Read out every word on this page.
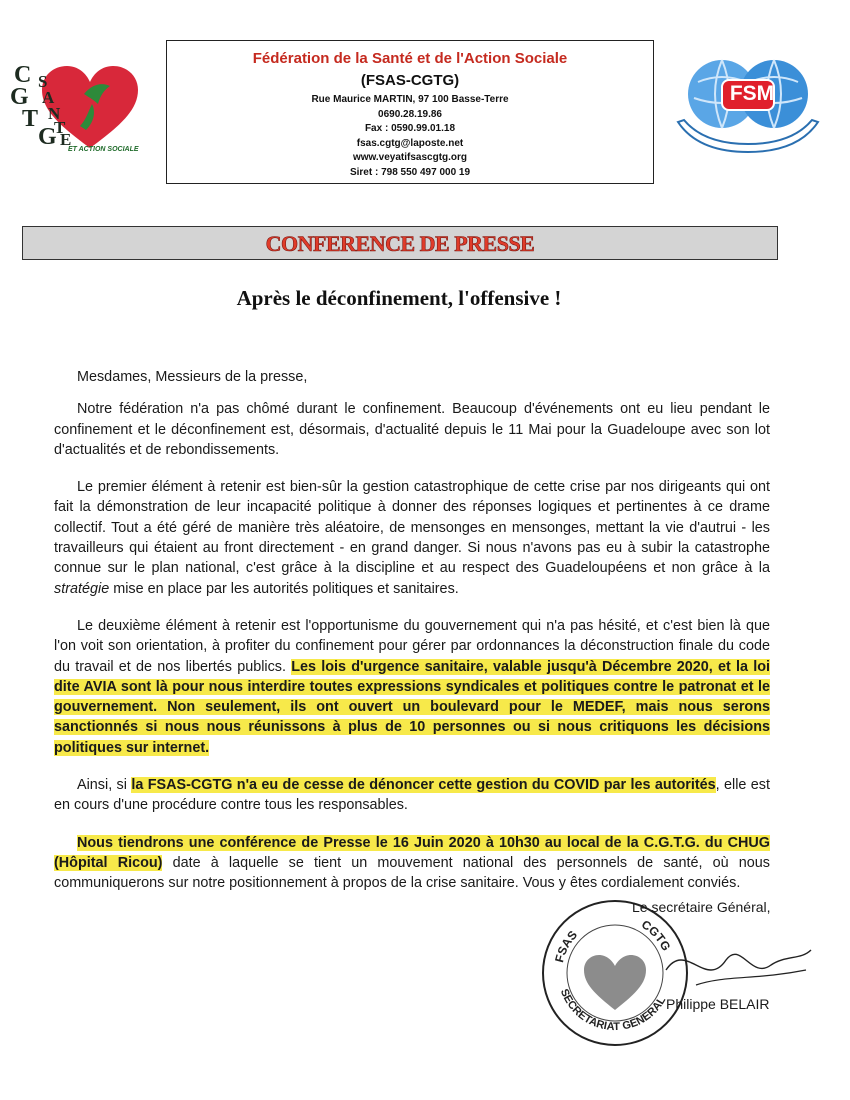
C
G
T
G
S
A
N
T
E
ET ACTION SOCIALE
Fédération de la Santé et de l'Action Sociale
(FSAS-CGTG)
Rue Maurice MARTIN, 97 100 Basse-Terre
0690.28.19.86
Fax : 0590.99.01.18
fsas.cgtg@laposte.net
www.veyatifsascgtg.org
Siret : 798 550 497 000 19
FSM
CONFERENCE DE PRESSE
Après le déconfinement, l'offensive !

Mesdames, Messieurs de la presse,

Notre fédération n'a pas chômé durant le confinement. Beaucoup d'événements ont eu lieu pendant le confinement et le déconfinement est, désormais, d'actualité depuis le 11 Mai pour la Guadeloupe avec son lot d'actualités et de rebondissements.

Le premier élément à retenir est bien-sûr la gestion catastrophique de cette crise par nos dirigeants qui ont fait la démonstration de leur incapacité politique à donner des réponses logiques et pertinentes à ce drame collectif. Tout a été géré de manière très aléatoire, de mensonges en mensonges, mettant la vie d'autrui - les travailleurs qui étaient au front directement - en grand danger. Si nous n'avons pas eu à subir la catastrophe connue sur le plan national, c'est grâce à la discipline et au respect des Guadeloupéens et non grâce à la stratégie mise en place par les autorités politiques et sanitaires.

Le deuxième élément à retenir est l'opportunisme du gouvernement qui n'a pas hésité, et c'est bien là que l'on voit son orientation, à profiter du confinement pour gérer par ordonnances la déconstruction finale du code du travail et de nos libertés publics. Les lois d'urgence sanitaire, valable jusqu'à Décembre 2020, et la loi dite AVIA sont là pour nous interdire toutes expressions syndicales et politiques contre le patronat et le gouvernement. Non seulement, ils ont ouvert un boulevard pour le MEDEF, mais nous serons sanctionnés si nous nous réunissons à plus de 10 personnes ou si nous critiquons les décisions politiques sur internet.

Ainsi, si la FSAS-CGTG n'a eu de cesse de dénoncer cette gestion du COVID par les autorités, elle est en cours d'une procédure contre tous les responsables.

Nous tiendrons une conférence de Presse le 16 Juin 2020 à 10h30 au local de la C.G.T.G. du CHUG (Hôpital Ricou) date à laquelle se tient un mouvement national des personnels de santé, où nous communiquerons sur notre positionnement à propos de la crise sanitaire. Vous y êtes cordialement conviés.

FSAS
CGTG
SECRETARIAT GENERAL
Le secrétaire Général,
Philippe BELAIR
